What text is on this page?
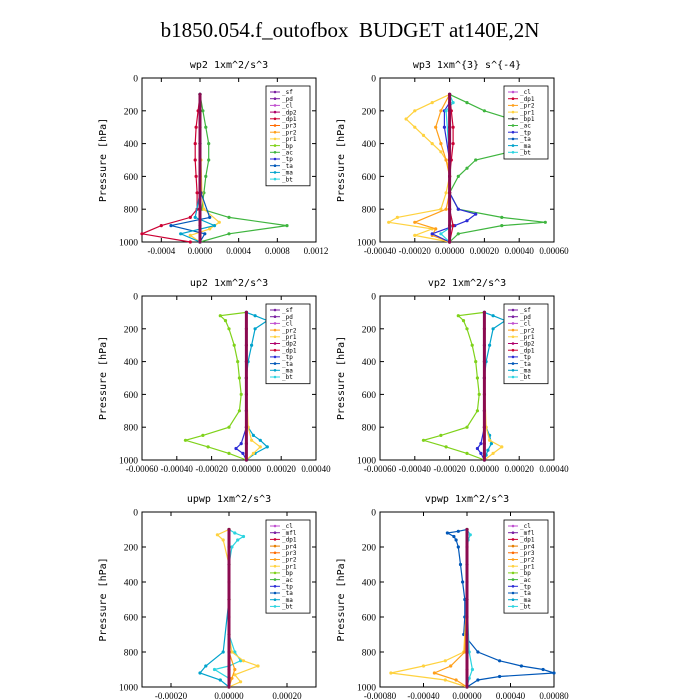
b1850.054.f_outofbox  BUDGET at140E,2N
wp2 1xm^2/s^3
Pressure [hPa]
0
200
400
600
800
1000
-0.0004 0.0000 0.0004 0.0008 0.0012
_sf
_pd
_cl
_dp2
_dp1
_pr3
_pr2
_pr1
_bp
_ac
_tp
_ta
_ma
_bt
wp3 1xm^{3} s^{-4}
Pressure [hPa]
0
200
400
600
800
1000
-0.00040 -0.00020 0.00000 0.00020 0.00040 0.00060
_cl
_dp1
_pr2
_pr1
_bp1
_ac
_tp
_ta
_ma
_bt
up2 1xm^2/s^3
Pressure [hPa]
0
200
400
600
800
1000
-0.00060 -0.00040 -0.00020 0.00000 0.00020 0.00040
_sf
_pd
_cl
_pr2
_pr1
_dp2
_dp1
_tp
_ta
_ma
_bt
vp2 1xm^2/s^3
Pressure [hPa]
0
200
400
600
800
1000
-0.00060 -0.00040 -0.00020 0.00000 0.00020 0.00040
_sf
_pd
_cl
_pr2
_pr1
_dp2
_dp1
_tp
_ta
_ma
_bt
upwp 1xm^2/s^3
Pressure [hPa]
0
200
400
600
800
1000
-0.00020	0.00000	0.00020
_cl
_mfl
_dp1
_pr4
_pr3
_pr2
_pr1
_bp
_ac
_tp
_ta
_ma
_bt
vpwp 1xm^2/s^3
Pressure [hPa]
0
200
400
600
800
1000
-0.00080 -0.00040 0.00000 0.00040 0.00080
_cl
_mfl
_dp1
_pr4
_pr3
_pr2
_pr1
_bp
_ac
_tp
_ta
_ma
_bt
